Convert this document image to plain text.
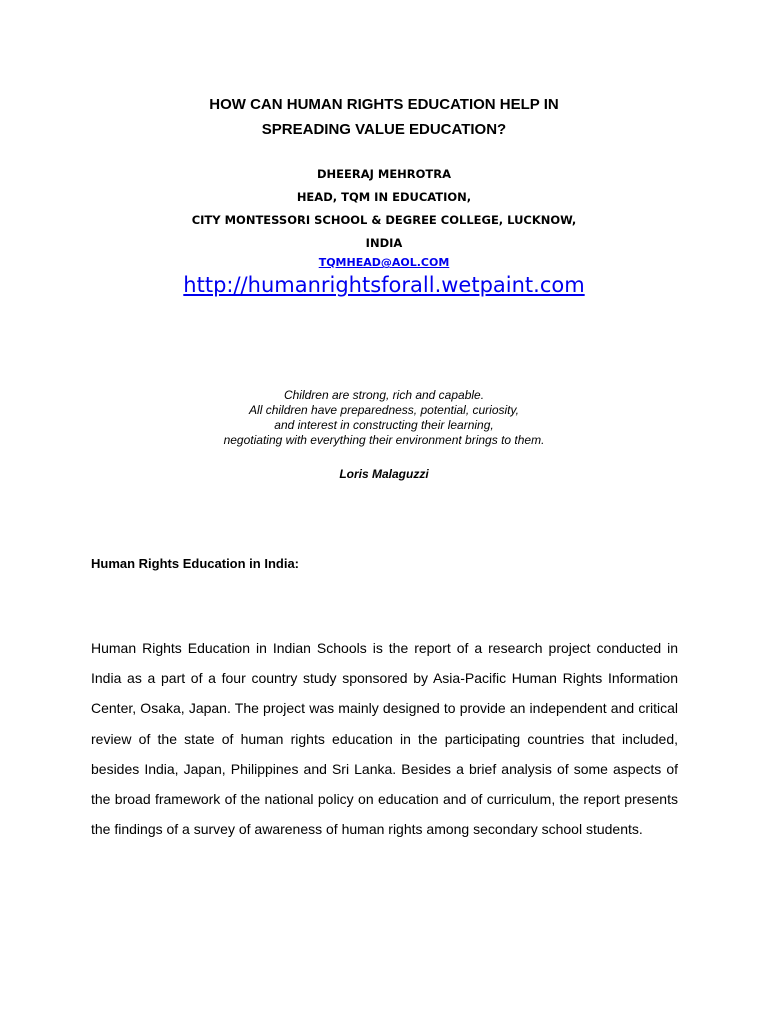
HOW CAN HUMAN RIGHTS EDUCATION HELP IN
SPREADING VALUE EDUCATION?
DHEERAJ MEHROTRA
HEAD, TQM IN EDUCATION,
CITY MONTESSORI SCHOOL & DEGREE COLLEGE, LUCKNOW,
INDIA
TQMHEAD@AOL.COM
http://humanrightsforall.wetpaint.com
Children are strong, rich and capable.
All children have preparedness, potential, curiosity,
and interest in constructing their learning,
negotiating with everything their environment brings to them.
Loris Malaguzzi
Human Rights Education in India:
Human Rights Education in Indian Schools is the report of a research project conducted in India as a part of a four country study sponsored by Asia-Pacific Human Rights Information Center, Osaka, Japan. The project was mainly designed to provide an independent and critical review of the state of human rights education in the participating countries that included, besides India, Japan, Philippines and Sri Lanka. Besides a brief analysis of some aspects of the broad framework of the national policy on education and of curriculum, the report presents the findings of a survey of awareness of human rights among secondary school students.
